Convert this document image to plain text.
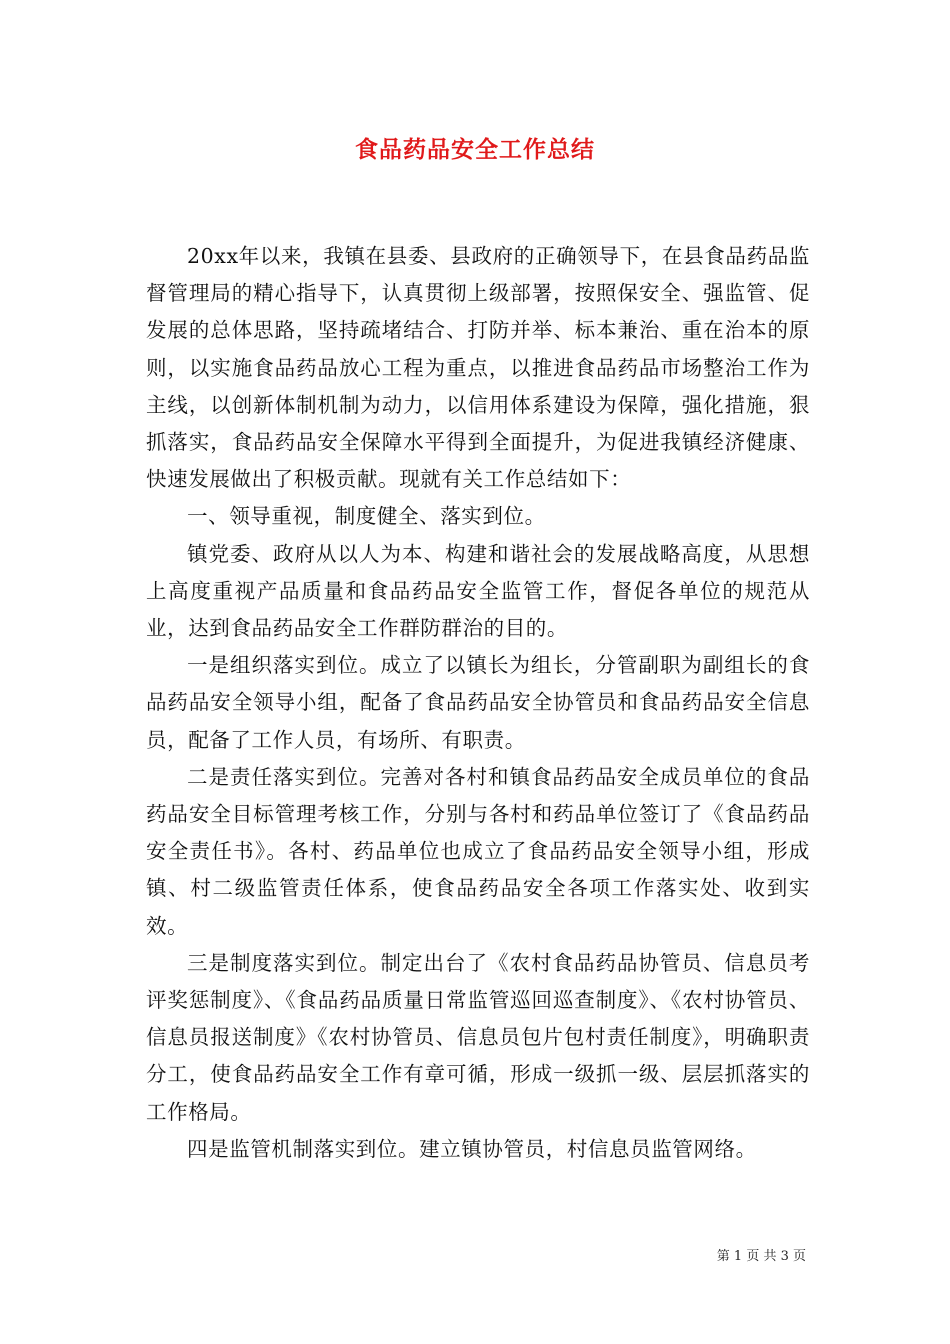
食品药品安全工作总结

20xx年以来，我镇在县委、县政府的正确领导下，在县食品药品监督管理局的精心指导下，认真贯彻上级部署，按照保安全、强监管、促发展的总体思路，坚持疏堵结合、打防并举、标本兼治、重在治本的原则，以实施食品药品放心工程为重点，以推进食品药品市场整治工作为主线，以创新体制机制为动力，以信用体系建设为保障，强化措施，狠抓落实，食品药品安全保障水平得到全面提升，为促进我镇经济健康、快速发展做出了积极贡献。现就有关工作总结如下：

一、领导重视，制度健全、落实到位。

镇党委、政府从以人为本、构建和谐社会的发展战略高度，从思想上高度重视产品质量和食品药品安全监管工作，督促各单位的规范从业，达到食品药品安全工作群防群治的目的。

一是组织落实到位。成立了以镇长为组长，分管副职为副组长的食品药品安全领导小组，配备了食品药品安全协管员和食品药品安全信息员，配备了工作人员，有场所、有职责。

二是责任落实到位。完善对各村和镇食品药品安全成员单位的食品药品安全目标管理考核工作，分别与各村和药品单位签订了《食品药品安全责任书》。各村、药品单位也成立了食品药品安全领导小组，形成镇、村二级监管责任体系，使食品药品安全各项工作落实处、收到实效。

三是制度落实到位。制定出台了《农村食品药品协管员、信息员考评奖惩制度》、《食品药品质量日常监管巡回巡查制度》、《农村协管员、信息员报送制度》《农村协管员、信息员包片包村责任制度》，明确职责分工，使食品药品安全工作有章可循，形成一级抓一级、层层抓落实的工作格局。

四是监管机制落实到位。建立镇协管员，村信息员监管网络。

第 1 页 共 3 页
